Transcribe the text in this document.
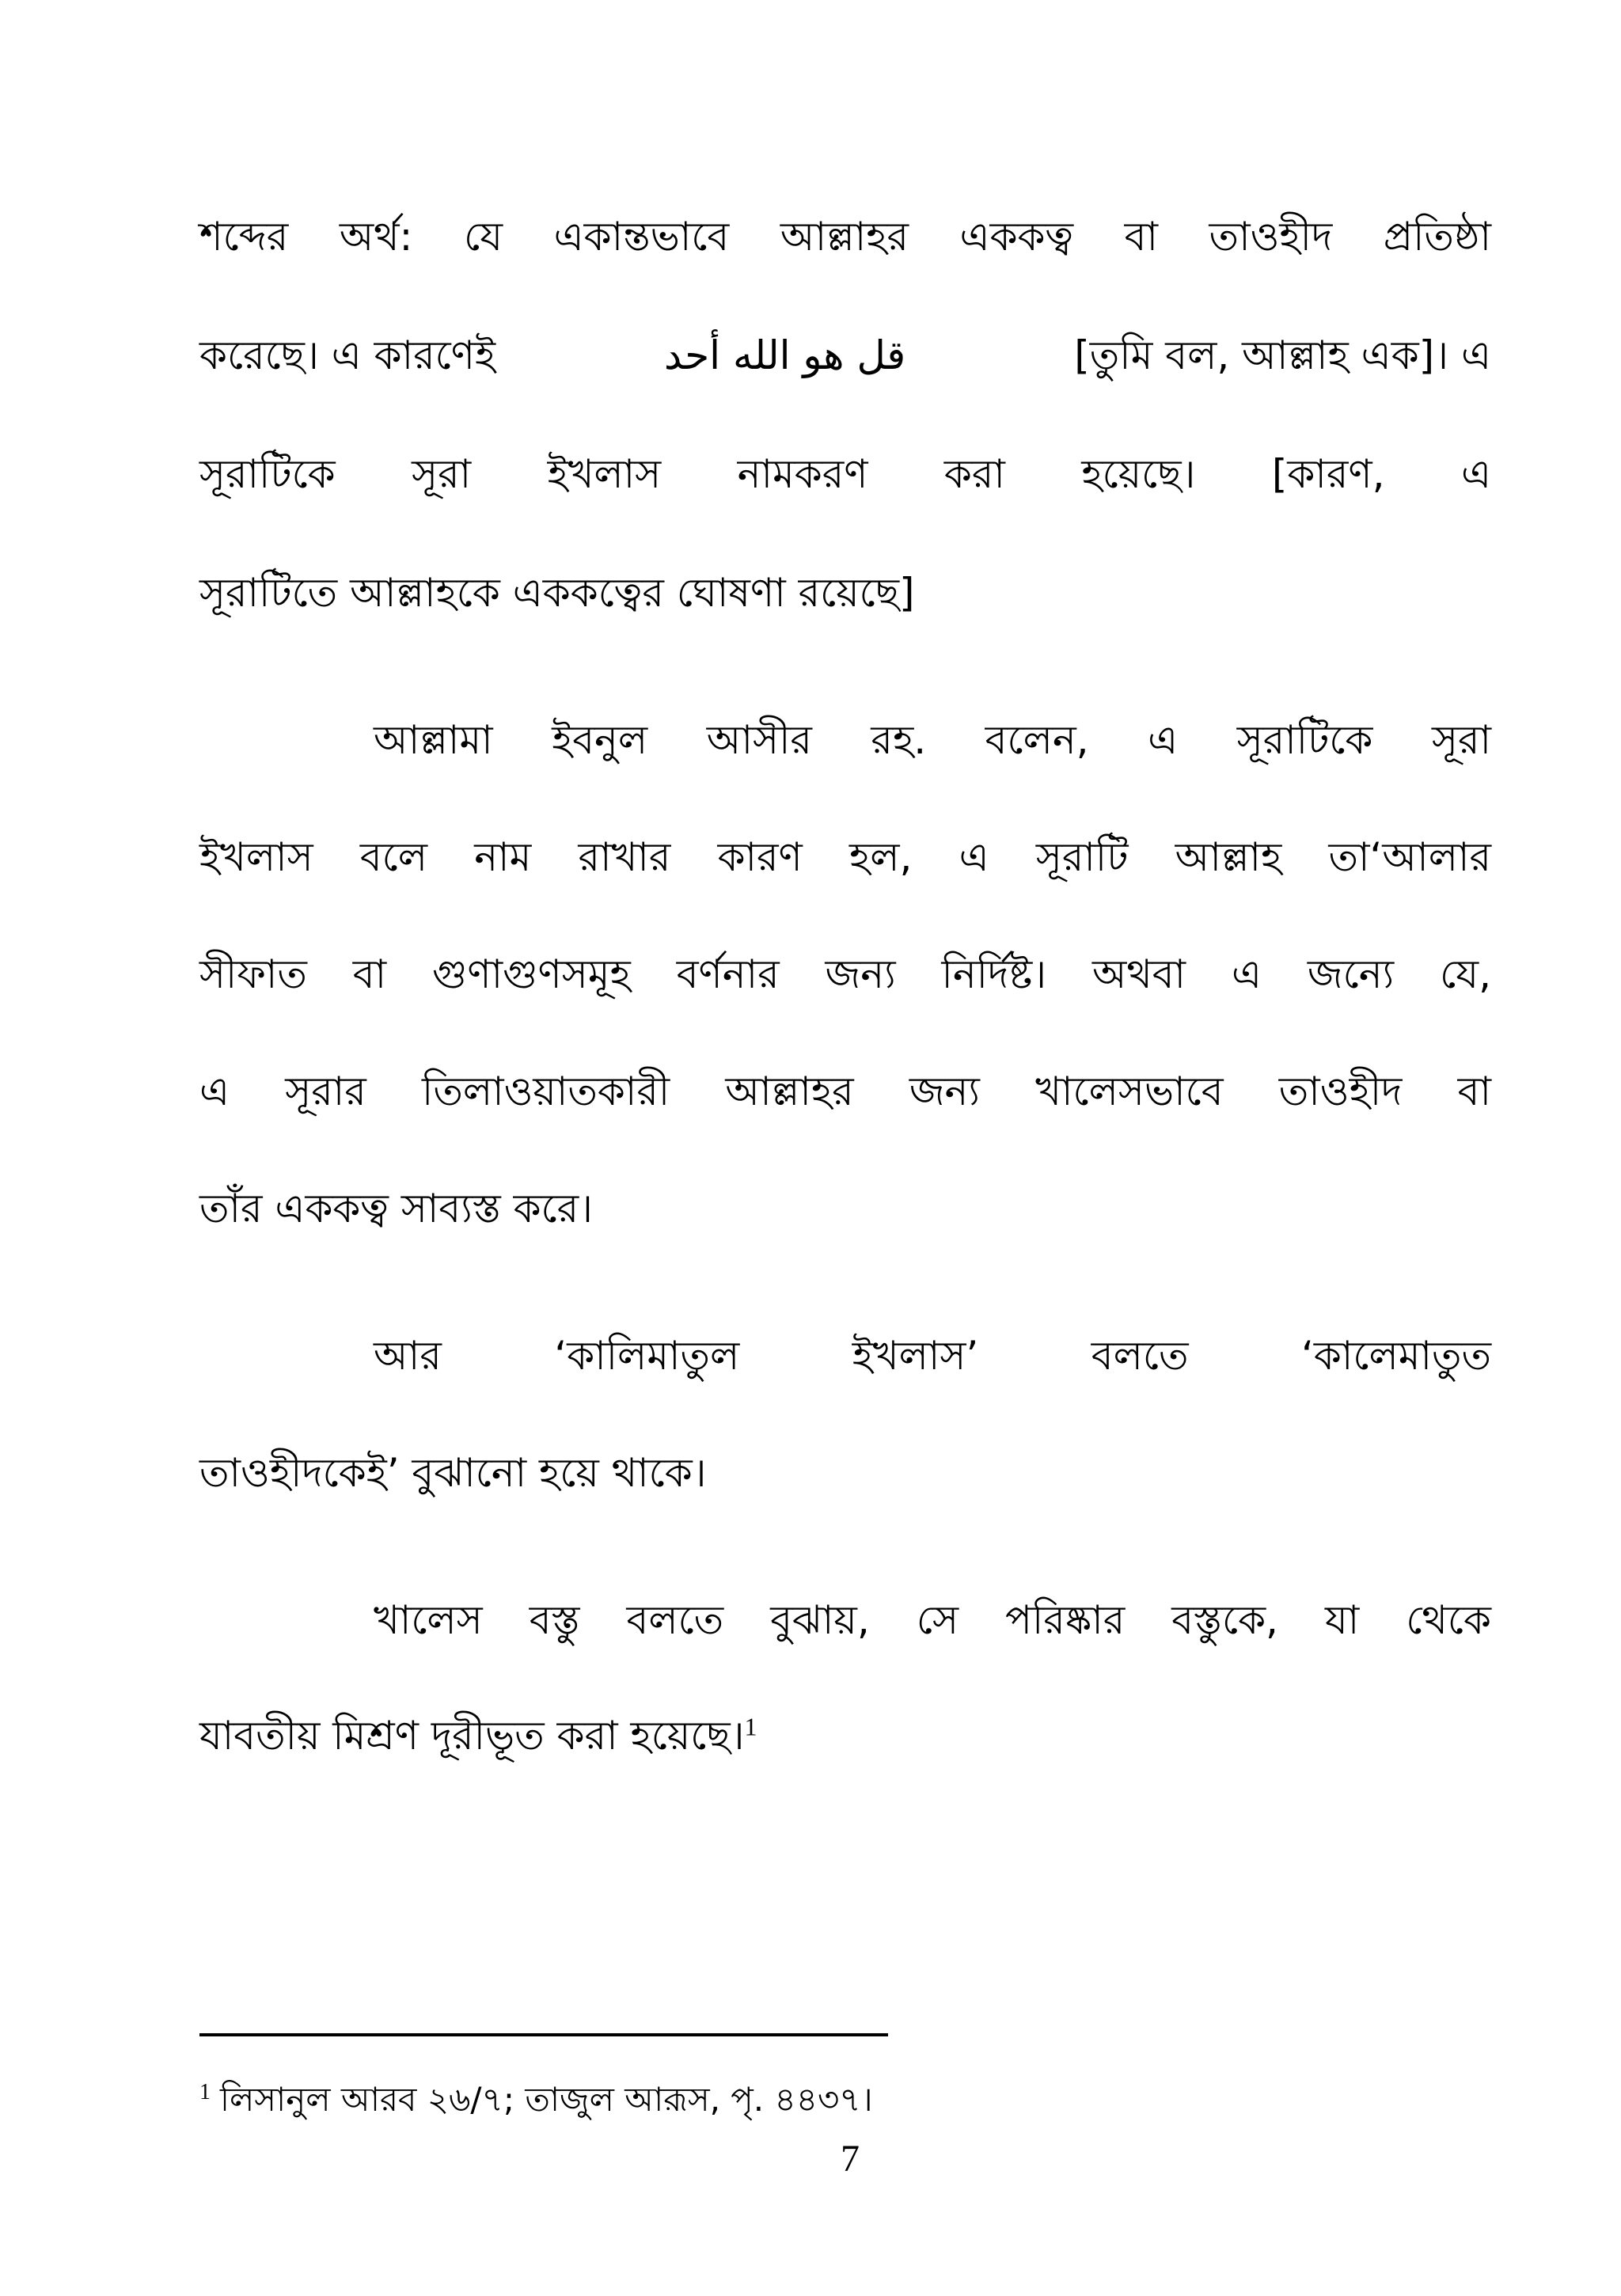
শব্দের অর্থ: যে একান্তভাবে আল্লাহর এককত্ব বা তাওহীদ প্রতিষ্ঠা
করেছে। এ কারণেই	قل هو الله أحد	[তুমি বল, আল্লাহ এক]। এ
সূরাটিকে সূরা ইখলাস নামকরণ করা হয়েছে। [কারণ, এ
সূরাটিতে আল্লাহকে এককত্বের ঘোষণা রয়েছে]
আল্লামা ইবনুল আসীর রহ. বলেন, এ সূরাটিকে সূরা
ইখলাস বলে নাম রাখার কারণ হল, এ সূরাটি আল্লাহ তা‘আলার
সীফাত বা গুণাগুণসমূহ বর্ণনার জন্য নির্দিষ্ট। অথবা এ জন্যে যে,
এ সূরার তিলাওয়াতকারী আল্লাহর জন্য খালেসভাবে তাওহীদ বা
তাঁর এককত্ব সাব্যস্ত করে।
আর ‘কালিমাতুল ইখলাস’ বলতে ‘কালেমাতুত
তাওহীদকেই’ বুঝানো হয়ে থাকে।
খালেস বস্তু বলতে বুঝায়, সে পরিষ্কার বস্তুকে, যা থেকে
যাবতীয় মিশ্রণ দূরীভূত করা হয়েছে।$^1$
$^1$ লিসানুল আরব ২৬/৭; তাজুল আরূস, পৃ. ৪৪৩৭।
7
